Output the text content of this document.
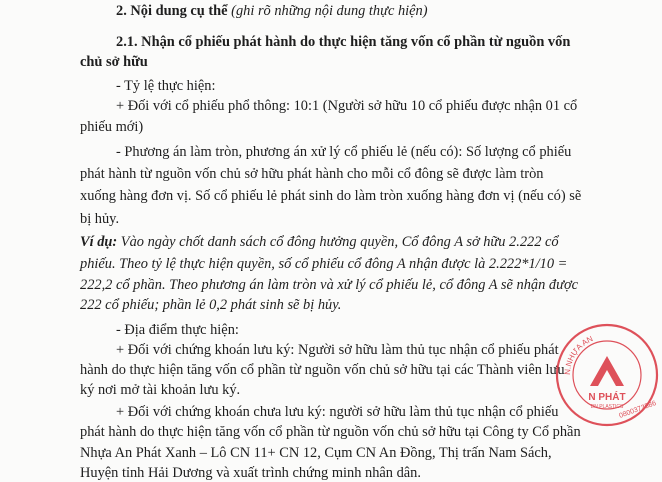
2. Nội dung cụ thể (ghi rõ những nội dung thực hiện)
2.1. Nhận cổ phiếu phát hành do thực hiện tăng vốn cổ phần từ nguồn vốn
chủ sở hữu
- Tỷ lệ thực hiện:
+ Đối với cổ phiếu phổ thông: 10:1 (Người sở hữu 10 cổ phiếu được nhận 01 cổ
phiếu mới)
- Phương án làm tròn, phương án xử lý cổ phiếu lẻ (nếu có): Số lượng cổ phiếu
phát hành từ nguồn vốn chủ sở hữu phát hành cho mỗi cổ đông sẽ được làm tròn
xuống hàng đơn vị. Số cổ phiếu lẻ phát sinh do làm tròn xuống hàng đơn vị (nếu có) sẽ
bị hủy.
Ví dụ: Vào ngày chốt danh sách cổ đông hưởng quyền, Cổ đông A sở hữu 2.222 cổ
phiếu. Theo tỷ lệ thực hiện quyền, số cổ phiếu cổ đông A nhận được là 2.222*1/10 =
222,2 cổ phần. Theo phương án làm tròn và xử lý cổ phiếu lẻ, cổ đông A sẽ nhận được
222 cổ phiếu; phần lẻ 0,2 phát sinh sẽ bị hủy.
- Địa điểm thực hiện:
+ Đối với chứng khoán lưu ký: Người sở hữu làm thủ tục nhận cổ phiếu phát
hành do thực hiện tăng vốn cổ phần từ nguồn vốn chủ sở hữu tại các Thành viên lưu
ký nơi mở tài khoản lưu ký.
+ Đối với chứng khoán chưa lưu ký: người sở hữu làm thủ tục nhận cổ phiếu
phát hành do thực hiện tăng vốn cổ phần từ nguồn vốn chủ sở hữu tại Công ty Cổ phần
Nhựa An Phát Xanh – Lô CN 11+ CN 12, Cụm CN An Đồng, Thị trấn Nam Sách,
Huyện tỉnh Hải Dương và xuất trình chứng minh nhân dân.
N.NHỰA AN
N PHÁT
DN PLASTICS
0800373586
